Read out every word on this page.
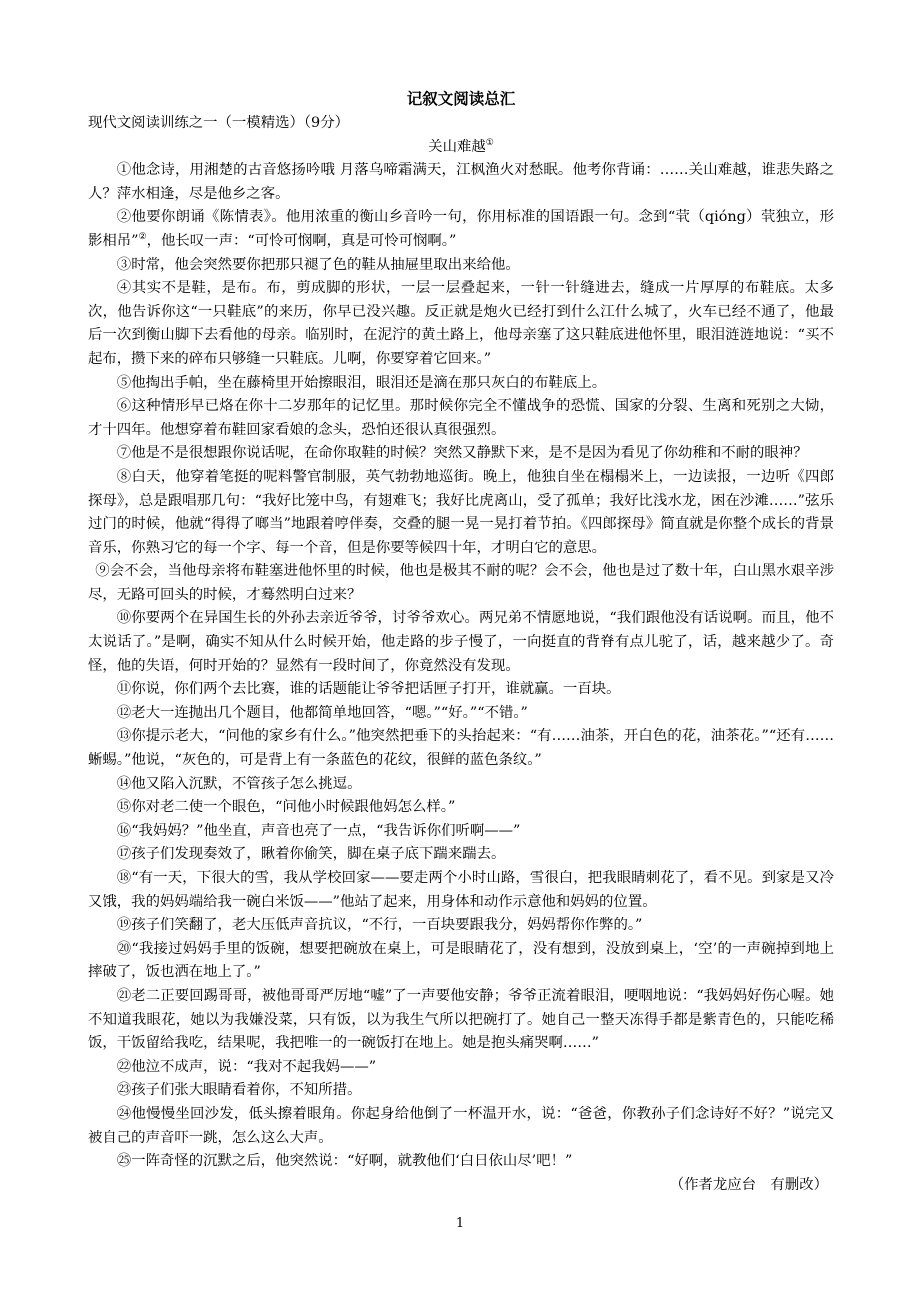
记叙文阅读总汇
现代文阅读训练之一（一模精选）（9分）
关山难越①

①他念诗，用湘楚的古音悠扬吟哦 月落乌啼霜满天，江枫渔火对愁眠。他考你背诵：……关山难越，谁悲失路之人？萍水相逢，尽是他乡之客。

②他要你朗诵《陈情表》。他用浓重的衡山乡音吟一句，你用标准的国语跟一句。念到“茕（qióng）茕独立，形影相吊”②，他长叹一声：“可怜可悯啊，真是可怜可悯啊。”

③时常，他会突然要你把那只褪了色的鞋从抽屉里取出来给他。

④其实不是鞋，是布。布，剪成脚的形状，一层一层叠起来，一针一针缝进去，缝成一片厚厚的布鞋底。太多次，他告诉你这“一只鞋底”的来历，你早已没兴趣。反正就是炮火已经打到什么江什么城了，火车已经不通了，他最后一次到衡山脚下去看他的母亲。临别时，在泥泞的黄土路上，他母亲塞了这只鞋底进他怀里，眼泪涟涟地说：“买不起布，攒下来的碎布只够缝一只鞋底。儿啊，你要穿着它回来。”

⑤他掏出手帕，坐在藤椅里开始擦眼泪，眼泪还是滴在那只灰白的布鞋底上。

⑥这种情形早已烙在你十二岁那年的记忆里。那时候你完全不懂战争的恐慌、国家的分裂、生离和死别之大恸，才十四年。他想穿着布鞋回家看娘的念头，恐怕还很认真很强烈。

⑦他是不是很想跟你说话呢，在命你取鞋的时候？突然又静默下来，是不是因为看见了你幼稚和不耐的眼神？

⑧白天，他穿着笔挺的呢料警官制服，英气勃勃地巡街。晚上，他独自坐在榻榻米上，一边读报，一边听《四郎探母》，总是跟唱那几句：“我好比笼中鸟，有翅难飞；我好比虎离山，受了孤单；我好比浅水龙，困在沙滩……”弦乐过门的时候，他就“得得了啷当”地跟着哼伴奏，交叠的腿一晃一晃打着节拍。《四郎探母》简直就是你整个成长的背景音乐，你熟习它的每一个字、每一个音，但是你要等候四十年，才明白它的意思。

⑨会不会，当他母亲将布鞋塞进他怀里的时候，他也是极其不耐的呢？会不会，他也是过了数十年，白山黑水艰辛涉尽，无路可回头的时候，才蓦然明白过来？

⑩你要两个在异国生长的外孙去亲近爷爷，讨爷爷欢心。两兄弟不情愿地说，“我们跟他没有话说啊。而且，他不太说话了。”是啊，确实不知从什么时候开始，他走路的步子慢了，一向挺直的背脊有点儿驼了，话，越来越少了。奇怪，他的失语，何时开始的？显然有一段时间了，你竟然没有发现。

⑪你说，你们两个去比赛，谁的话题能让爷爷把话匣子打开，谁就赢。一百块。

⑫老大一连抛出几个题目，他都简单地回答，“嗯。”“好。”“不错。”

⑬你提示老大，“问他的家乡有什么。”他突然把垂下的头抬起来：“有……油茶，开白色的花，油茶花。”“还有……蜥蜴。”他说，“灰色的，可是背上有一条蓝色的花纹，很鲜的蓝色条纹。”

⑭他又陷入沉默，不管孩子怎么挑逗。

⑮你对老二使一个眼色，“问他小时候跟他妈怎么样。”

⑯“我妈妈？”他坐直，声音也亮了一点，“我告诉你们听啊——”

⑰孩子们发现奏效了，瞅着你偷笑，脚在桌子底下踹来踹去。

⑱“有一天，下很大的雪，我从学校回家——要走两个小时山路，雪很白，把我眼睛刺花了，看不见。到家是又冷又饿，我的妈妈端给我一碗白米饭——”他站了起来，用身体和动作示意他和妈妈的位置。

⑲孩子们笑翻了，老大压低声音抗议，“不行，一百块要跟我分，妈妈帮你作弊的。”

⑳“我接过妈妈手里的饭碗，想要把碗放在桌上，可是眼睛花了，没有想到，没放到桌上，‘空’的一声碗掉到地上摔破了，饭也洒在地上了。”

㉑老二正要回踢哥哥，被他哥哥严厉地“嘘”了一声要他安静；爷爷正流着眼泪，哽咽地说：“我妈妈好伤心喔。她不知道我眼花，她以为我嫌没菜，只有饭，以为我生气所以把碗打了。她自己一整天冻得手都是紫青色的，只能吃稀饭，干饭留给我吃，结果呢，我把唯一的一碗饭打在地上。她是抱头痛哭啊……”

㉒他泣不成声，说：“我对不起我妈——”

㉓孩子们张大眼睛看着你，不知所措。

㉔他慢慢坐回沙发，低头擦着眼角。你起身给他倒了一杯温开水，说：“爸爸，你教孙子们念诗好不好？”说完又被自己的声音吓一跳，怎么这么大声。

㉕一阵奇怪的沉默之后，他突然说：“好啊，就教他们‘白日依山尽’吧！”

（作者龙应台　有删改）
1
